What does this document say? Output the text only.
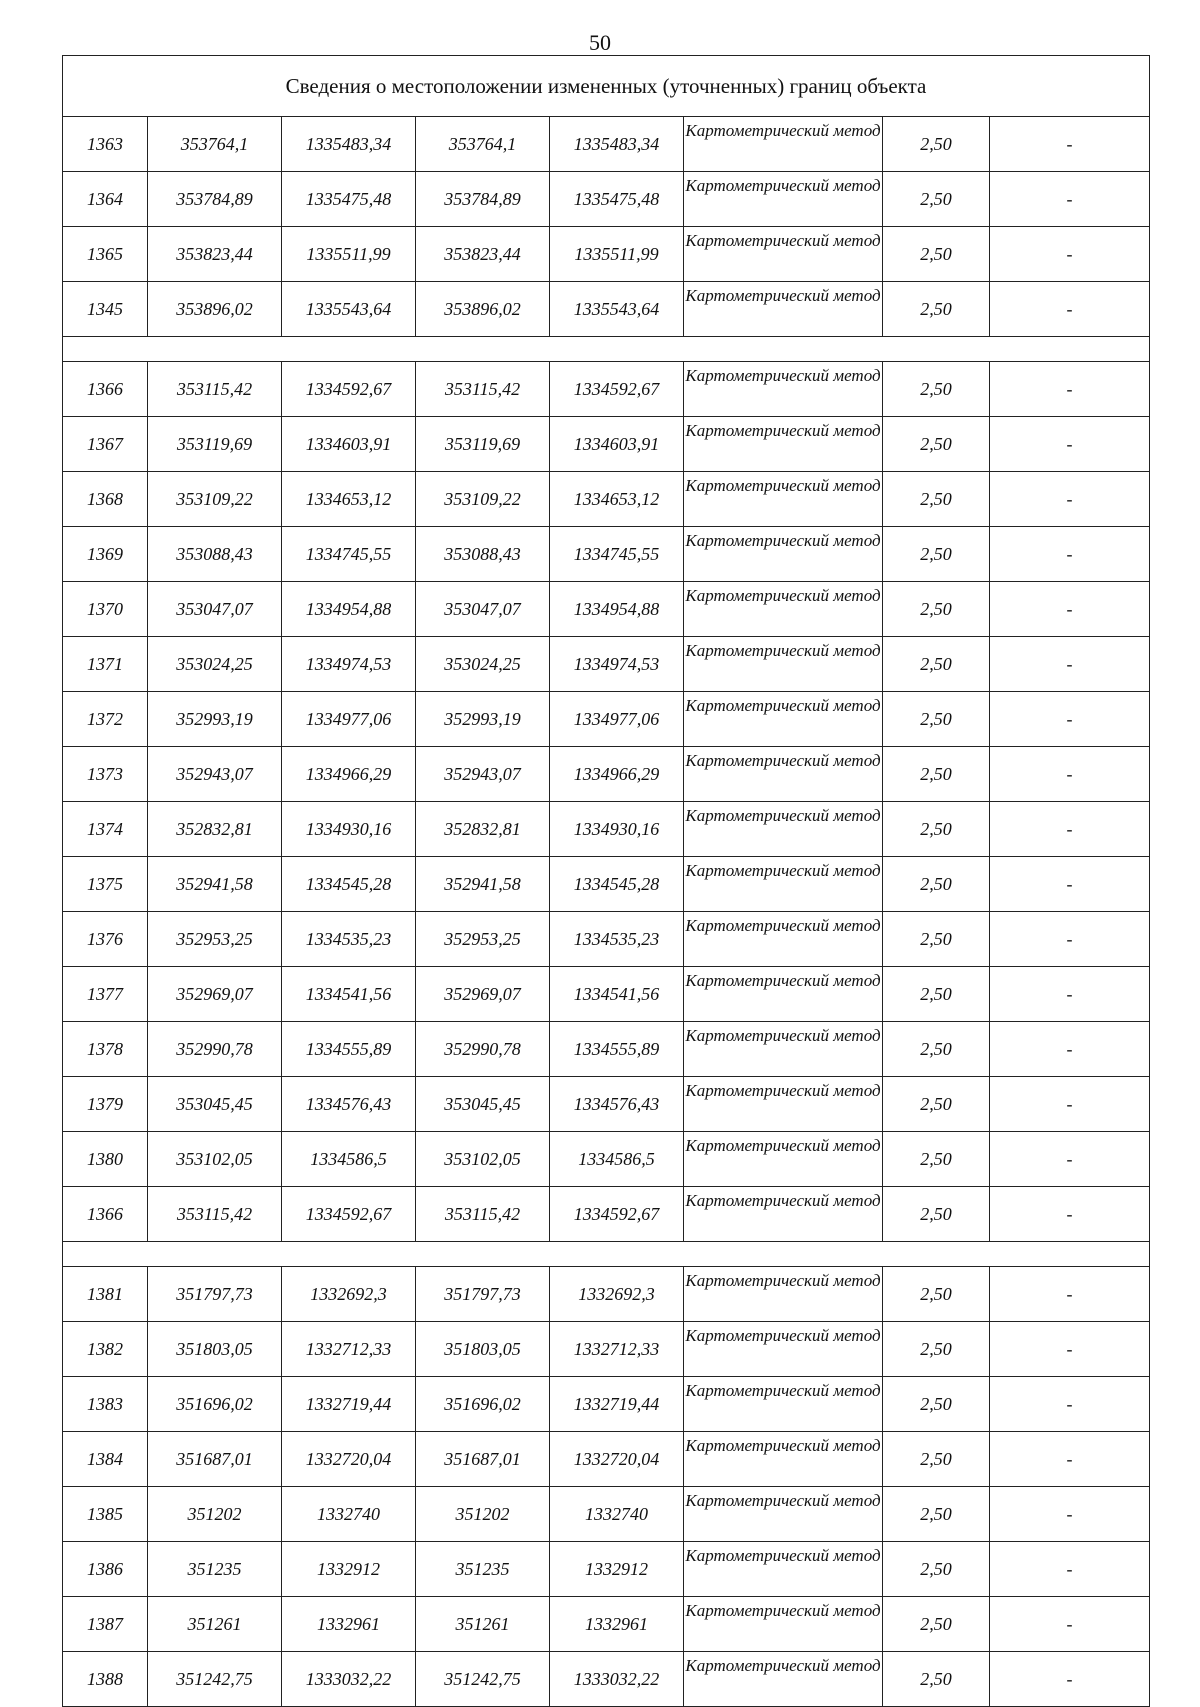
50
Сведения о местоположении измененных (уточненных) границ объекта							
1363	353764,1	1335483,34	353764,1	1335483,34	Картометрический метод	2,50	-
1364	353784,89	1335475,48	353784,89	1335475,48	Картометрический метод	2,50	-
1365	353823,44	1335511,99	353823,44	1335511,99	Картометрический метод	2,50	-
1345	353896,02	1335543,64	353896,02	1335543,64	Картометрический метод	2,50	-

1366	353115,42	1334592,67	353115,42	1334592,67	Картометрический метод	2,50	-
1367	353119,69	1334603,91	353119,69	1334603,91	Картометрический метод	2,50	-
1368	353109,22	1334653,12	353109,22	1334653,12	Картометрический метод	2,50	-
1369	353088,43	1334745,55	353088,43	1334745,55	Картометрический метод	2,50	-
1370	353047,07	1334954,88	353047,07	1334954,88	Картометрический метод	2,50	-
1371	353024,25	1334974,53	353024,25	1334974,53	Картометрический метод	2,50	-
1372	352993,19	1334977,06	352993,19	1334977,06	Картометрический метод	2,50	-
1373	352943,07	1334966,29	352943,07	1334966,29	Картометрический метод	2,50	-
1374	352832,81	1334930,16	352832,81	1334930,16	Картометрический метод	2,50	-
1375	352941,58	1334545,28	352941,58	1334545,28	Картометрический метод	2,50	-
1376	352953,25	1334535,23	352953,25	1334535,23	Картометрический метод	2,50	-
1377	352969,07	1334541,56	352969,07	1334541,56	Картометрический метод	2,50	-
1378	352990,78	1334555,89	352990,78	1334555,89	Картометрический метод	2,50	-
1379	353045,45	1334576,43	353045,45	1334576,43	Картометрический метод	2,50	-
1380	353102,05	1334586,5	353102,05	1334586,5	Картометрический метод	2,50	-
1366	353115,42	1334592,67	353115,42	1334592,67	Картометрический метод	2,50	-

1381	351797,73	1332692,3	351797,73	1332692,3	Картометрический метод	2,50	-
1382	351803,05	1332712,33	351803,05	1332712,33	Картометрический метод	2,50	-
1383	351696,02	1332719,44	351696,02	1332719,44	Картометрический метод	2,50	-
1384	351687,01	1332720,04	351687,01	1332720,04	Картометрический метод	2,50	-
1385	351202	1332740	351202	1332740	Картометрический метод	2,50	-
1386	351235	1332912	351235	1332912	Картометрический метод	2,50	-
1387	351261	1332961	351261	1332961	Картометрический метод	2,50	-
1388	351242,75	1333032,22	351242,75	1333032,22	Картометрический метод	2,50	-
